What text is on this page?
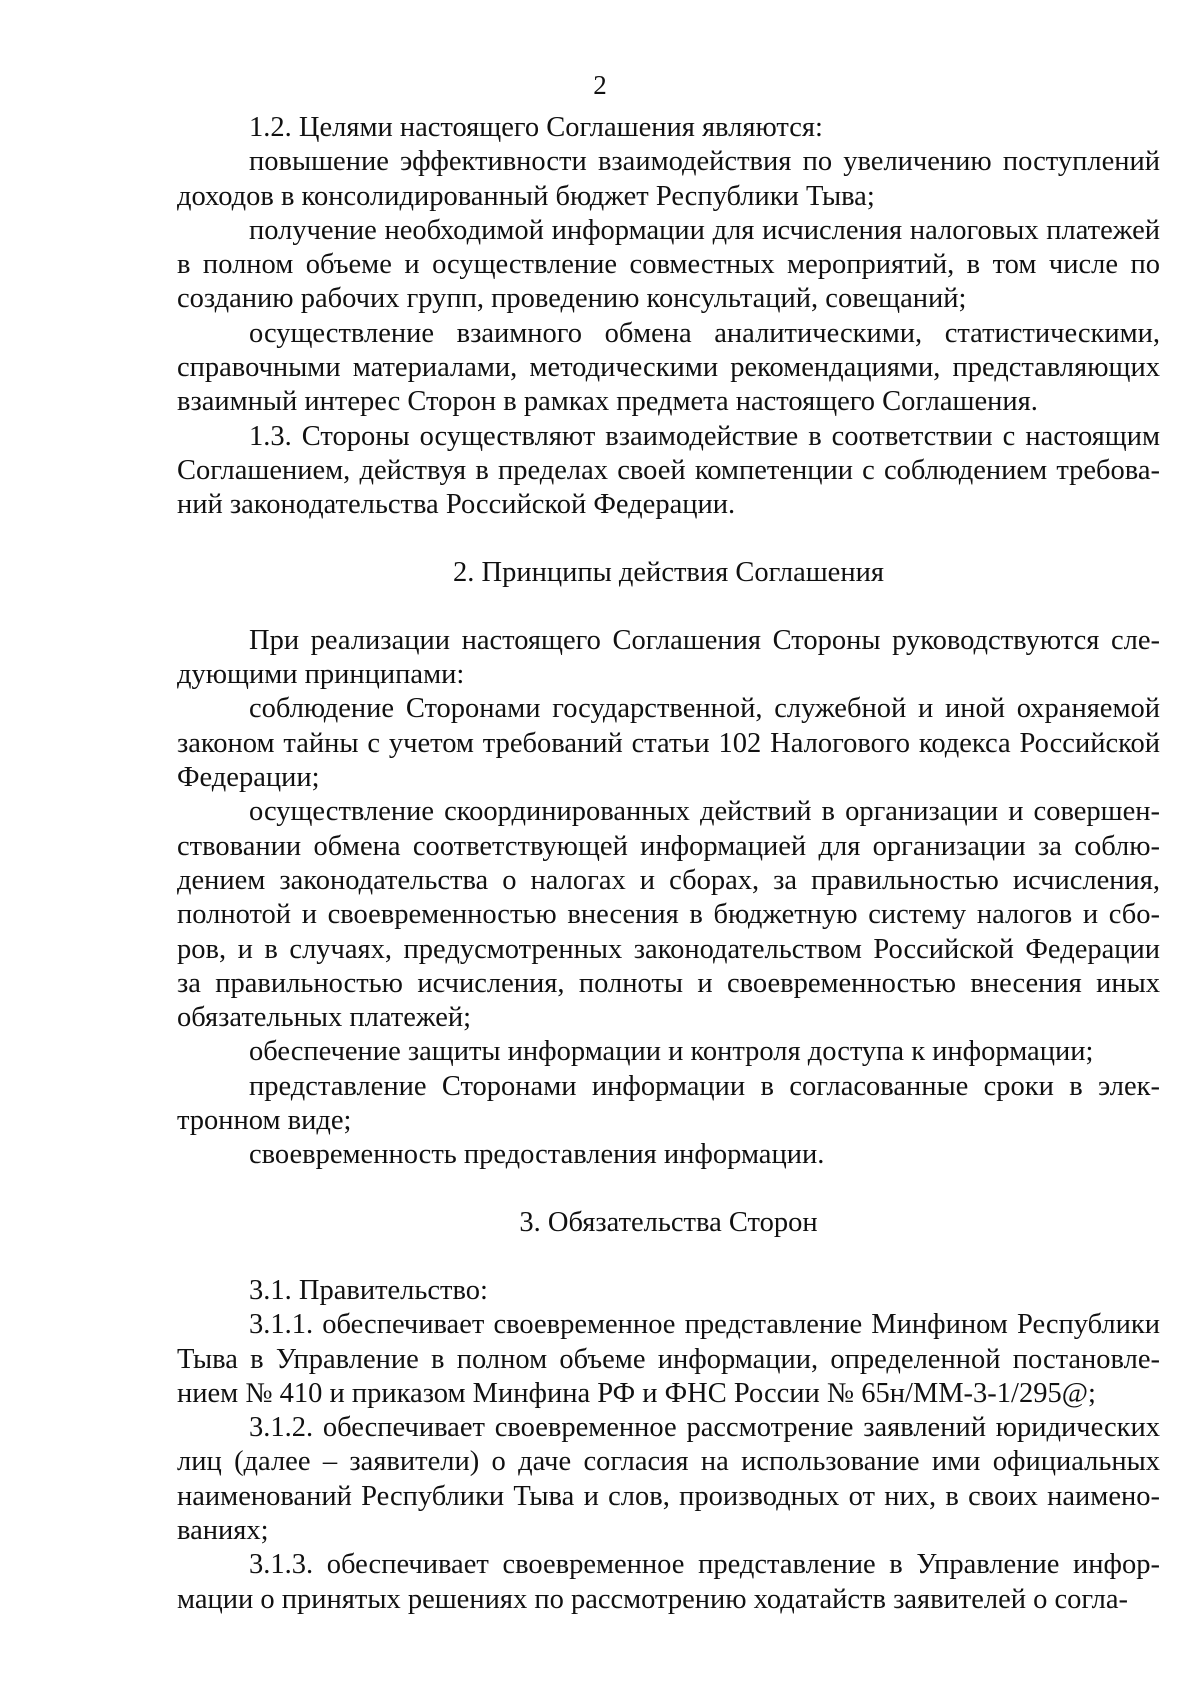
2

1.2. Целями настоящего Соглашения являются:

повышение эффективности взаимодействия по увеличению поступлений доходов в консолидированный бюджет Республики Тыва;

получение необходимой информации для исчисления налоговых платежей в полном объеме и осуществление совместных мероприятий, в том числе по созданию рабочих групп, проведению консультаций, совещаний;

осуществление взаимного обмена аналитическими, статистическими, справочными материалами, методическими рекомендациями, представляющих взаимный интерес Сторон в рамках предмета настоящего Соглашения.

1.3. Стороны осуществляют взаимодействие в соответствии с настоящим Соглашением, действуя в пределах своей компетенции с соблюдением требований законодательства Российской Федерации.

2. Принципы действия Соглашения

При реализации настоящего Соглашения Стороны руководствуются следующими принципами:

соблюдение Сторонами государственной, служебной и иной охраняемой законом тайны с учетом требований статьи 102 Налогового кодекса Российской Федерации;

осуществление скоординированных действий в организации и совершенствовании обмена соответствующей информацией для организации за соблюдением законодательства о налогах и сборах, за правильностью исчисления, полнотой и своевременностью внесения в бюджетную систему налогов и сборов, и в случаях, предусмотренных законодательством Российской Федерации за правильностью исчисления, полноты и своевременностью внесения иных обязательных платежей;

обеспечение защиты информации и контроля доступа к информации;

представление Сторонами информации в согласованные сроки в электронном виде;

своевременность предоставления информации.

3. Обязательства Сторон

3.1. Правительство:

3.1.1. обеспечивает своевременное представление Минфином Республики Тыва в Управление в полном объеме информации, определенной постановлением № 410 и приказом Минфина РФ и ФНС России № 65н/ММ-3-1/295@;

3.1.2. обеспечивает своевременное рассмотрение заявлений юридических лиц (далее – заявители) о даче согласия на использование ими официальных наименований Республики Тыва и слов, производных от них, в своих наименованиях;

3.1.3. обеспечивает своевременное представление в Управление информации о принятых решениях по рассмотрению ходатайств заявителей о согла-
